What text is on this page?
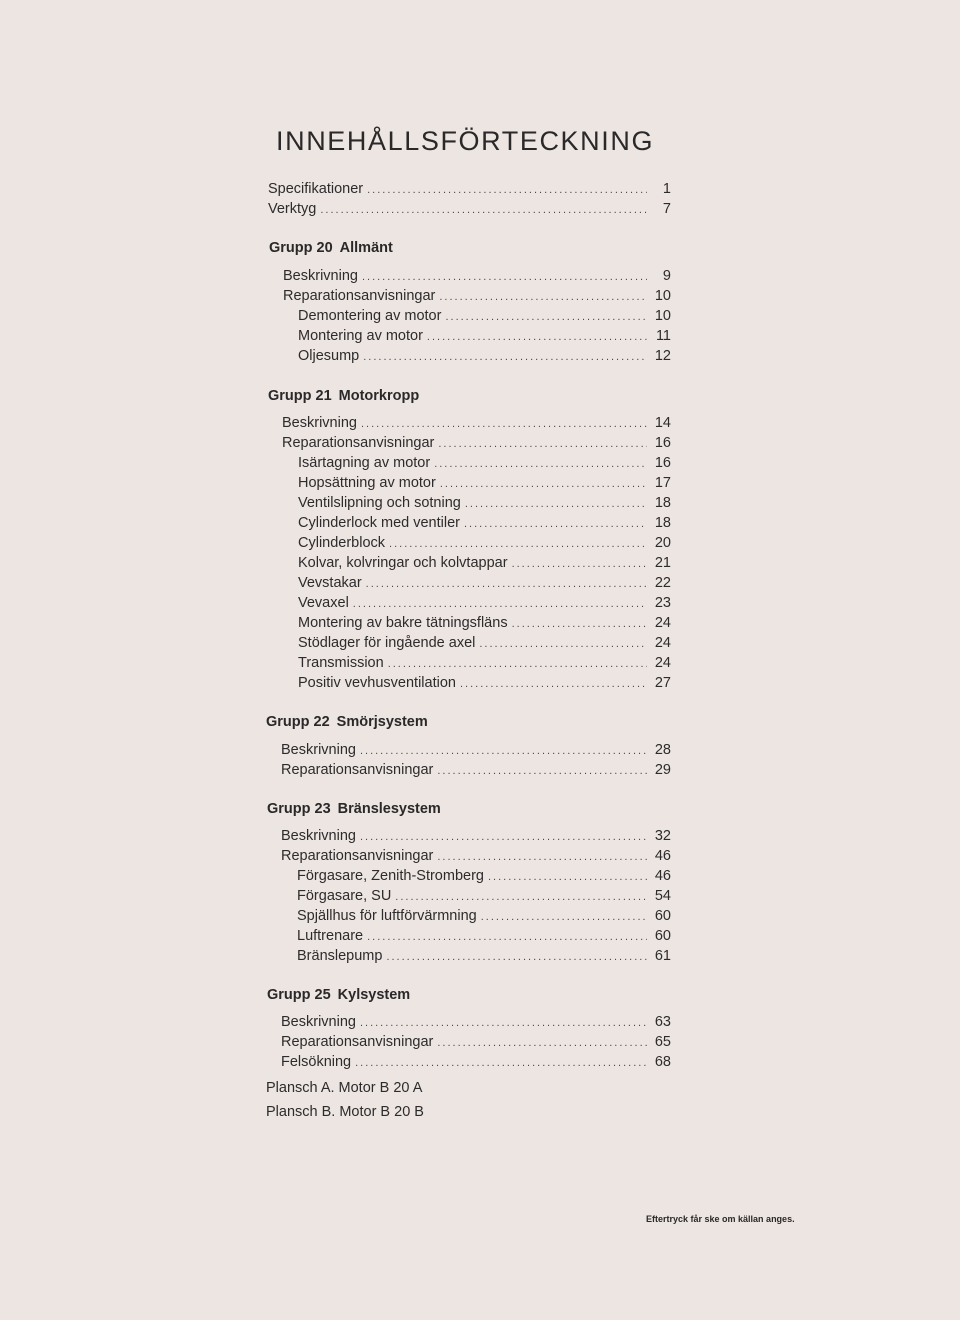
INNEHÅLLSFÖRTECKNING
Specifikationer .....	1
Verktyg .....	7
Grupp 20 Allmänt
Beskrivning .....	9
Reparationsanvisningar .....	10
Demontering av motor .....	10
Montering av motor .....	11
Oljesump .....	12
Grupp 21 Motorkropp
Beskrivning .....	14
Reparationsanvisningar .....	16
Isärtagning av motor .....	16
Hopsättning av motor .....	17
Ventilslipning och sotning .....	18
Cylinderlock med ventiler .....	18
Cylinderblock .....	20
Kolvar, kolvringar och kolvtappar .....	21
Vevstakar .....	22
Vevaxel .....	23
Montering av bakre tätningsfläns .....	24
Stödlager för ingående axel .....	24
Transmission .....	24
Positiv vevhusventilation .....	27
Grupp 22 Smörjsystem
Beskrivning .....	28
Reparationsanvisningar .....	29
Grupp 23 Bränslesystem
Beskrivning .....	32
Reparationsanvisningar .....	46
Förgasare, Zenith-Stromberg .....	46
Förgasare, SU .....	54
Spjällhus för luftförvärmning .....	60
Luftrenare .....	60
Bränslepump .....	61
Grupp 25 Kylsystem
Beskrivning .....	63
Reparationsanvisningar .....	65
Felsökning .....	68
Plansch A. Motor B 20 A
Plansch B. Motor B 20 B
Eftertryck får ske om källan anges.
